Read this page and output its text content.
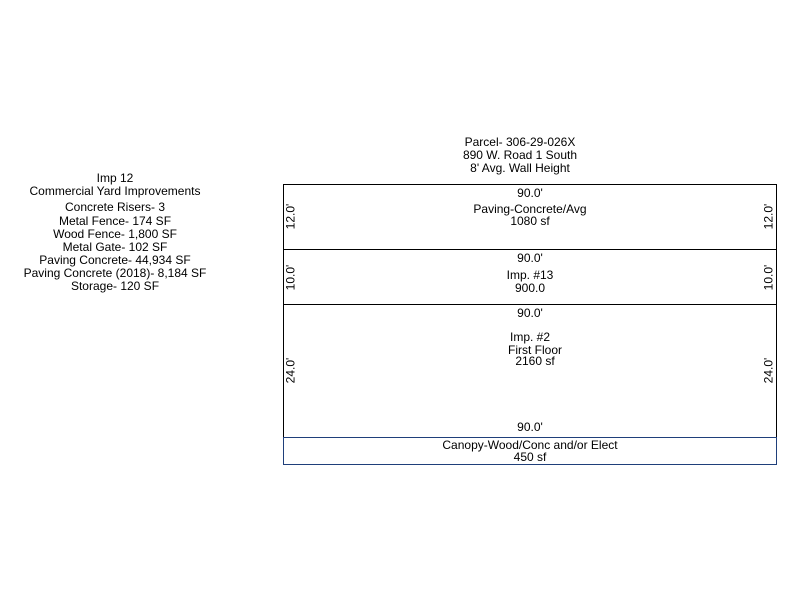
Imp 12
Commercial Yard Improvements
Concrete Risers- 3
Metal Fence- 174 SF
Wood Fence- 1,800 SF
Metal Gate- 102 SF
Paving Concrete- 44,934 SF
Paving Concrete (2018)- 8,184 SF
Storage- 120 SF
Parcel- 306-29-026X
890 W. Road 1 South
8' Avg. Wall Height
90.0'
Paving-Concrete/Avg
1080 sf
12.0'	12.0'
90.0'
Imp. #13
900.0
10.0'	10.0'
90.0'
Imp. #2
First Floor
2160 sf
24.0'	24.0'
90.0'
Canopy-Wood/Conc and/or Elect
450 sf
